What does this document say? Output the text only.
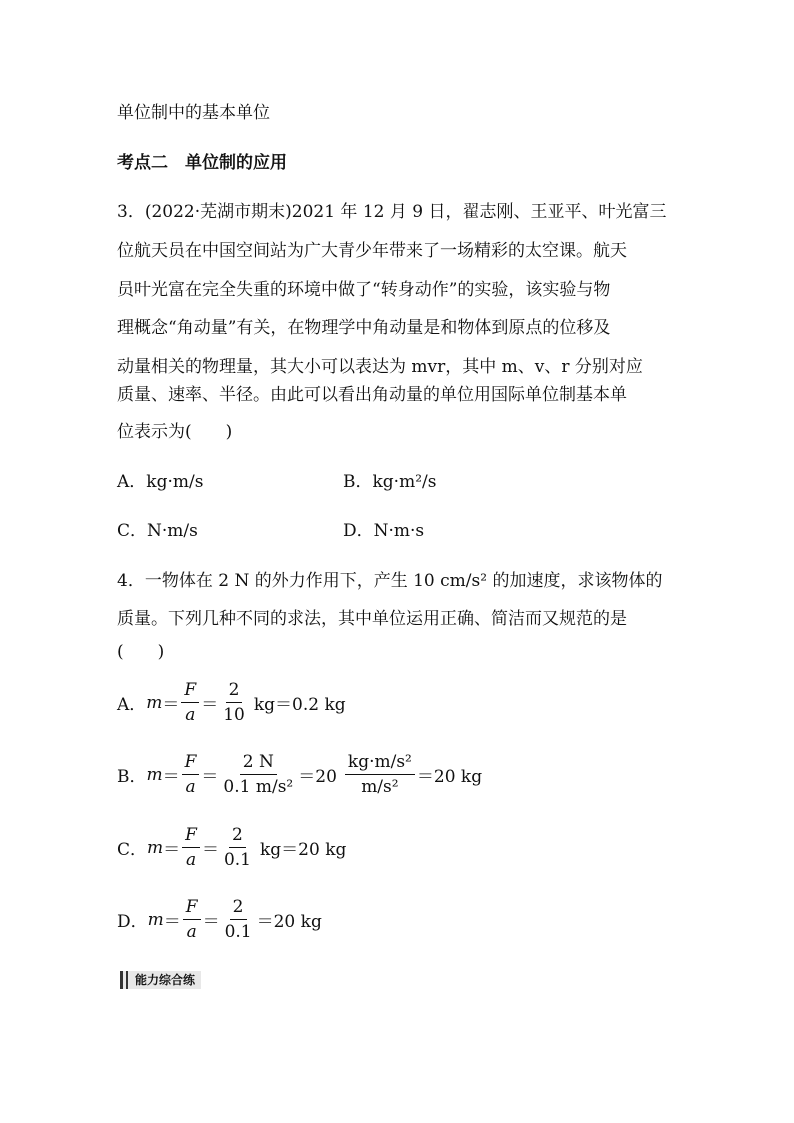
单位制中的基本单位
考点二　单位制的应用
3．(2022·芜湖市期末)2021 年 12 月 9 日，翟志刚、王亚平、叶光富三
位航天员在中国空间站为广大青少年带来了一场精彩的太空课。航天
员叶光富在完全失重的环境中做了“转身动作”的实验，该实验与物
理概念“角动量”有关，在物理学中角动量是和物体到原点的位移及
动量相关的物理量，其大小可以表达为 mvr，其中 m、v、r 分别对应
质量、速率、半径。由此可以看出角动量的单位用国际单位制基本单
位表示为(　　)
A．kg·m/s	B．kg·m²/s
C．N·m/s	D．N·m·s
4．一物体在 2 N 的外力作用下，产生 10 cm/s² 的加速度，求该物体的
质量。下列几种不同的求法，其中单位运用正确、简洁而又规范的是
(　　)
A． $m = \frac{F}{a} = \frac{2}{10} kg=0.2$ kg
B． $m = \frac{F}{a} = \frac{2 N}{\text{0.1 m/s²}} =20 \frac{\text{kg·m/s²}}{\text{m/s²}} =20$ kg
C． $m = \frac{F}{a} = \frac{2}{0.1} kg=20$ kg
D． $m = \frac{F}{a} = \frac{2}{0.1} =20$ kg
能力综合练
